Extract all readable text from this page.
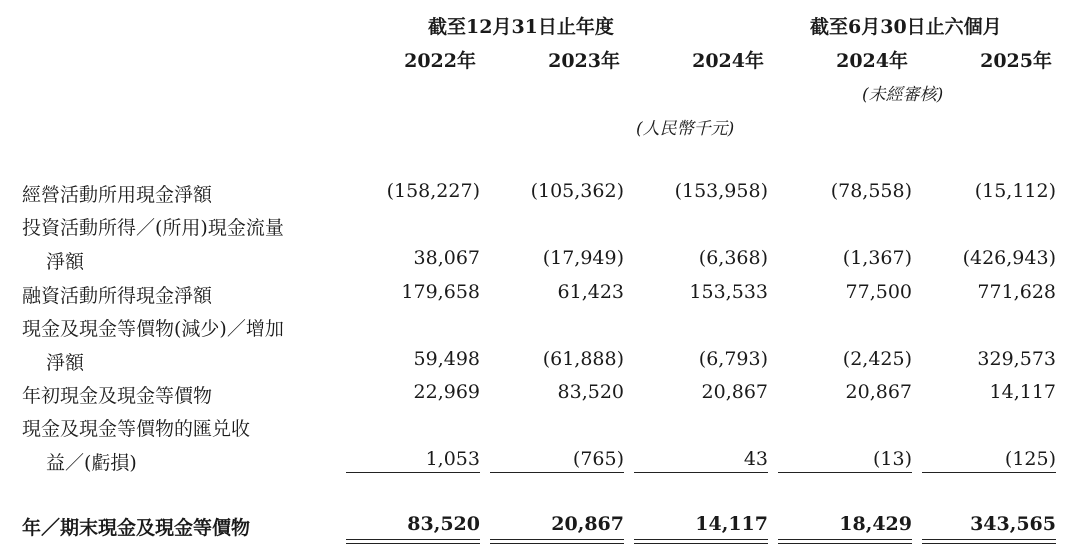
截至12月31日止年度	截至6月30日止六個月
2022年	2023年	2024年	2024年	2025年
(未經審核)
(人民幣千元)
經營活動所用現金淨額	(158,227)	(105,362)	(153,958)	(78,558)	(15,112)
投資活動所得／(所用)現金流量
淨額	38,067	(17,949)	(6,368)	(1,367)	(426,943)
融資活動所得現金淨額	179,658	61,423	153,533	77,500	771,628
現金及現金等價物(減少)／增加
淨額	59,498	(61,888)	(6,793)	(2,425)	329,573
年初現金及現金等價物	22,969	83,520	20,867	20,867	14,117
現金及現金等價物的匯兑收
益／(虧損)	1,053	(765)	43	(13)	(125)
年／期末現金及現金等價物	83,520	20,867	14,117	18,429	343,565
